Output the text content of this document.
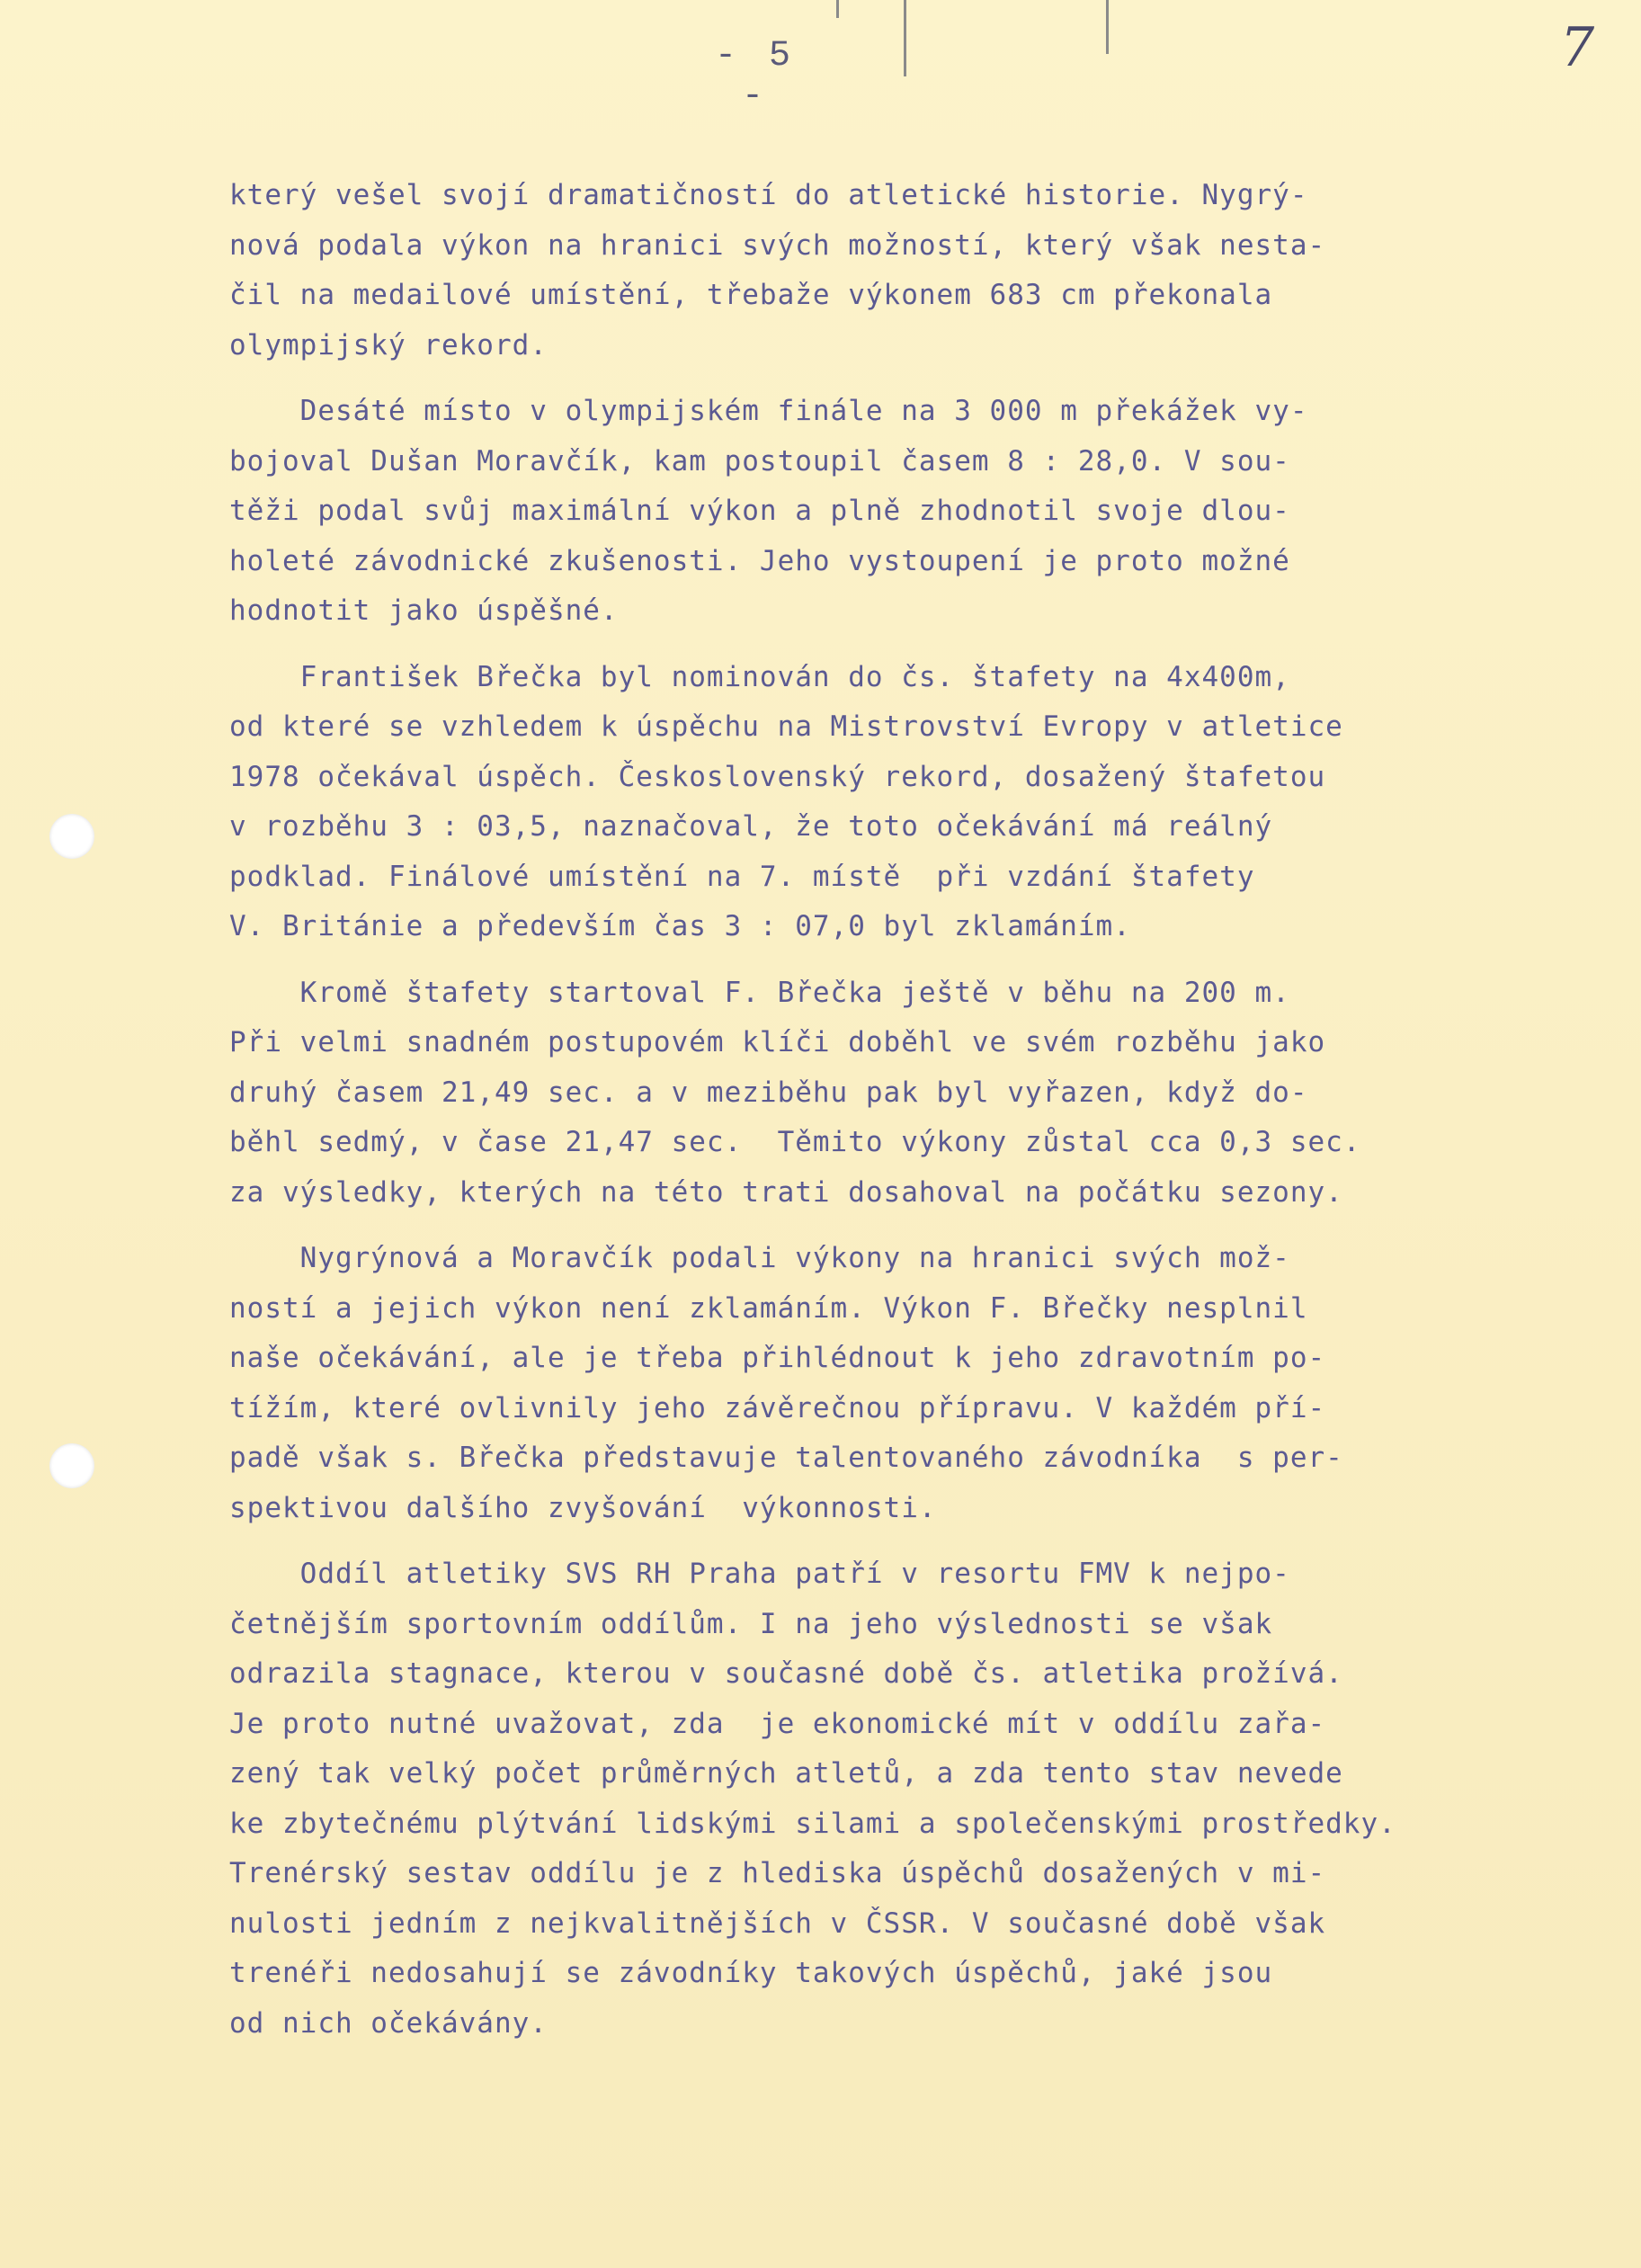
- 5 -
7
který vešel svojí dramatičností do atletické historie. Nygrý-
nová podala výkon na hranici svých možností, který však nesta-
čil na medailové umístění, třebaže výkonem 683 cm překonala
olympijský rekord.
Desáté místo v olympijském finále na 3 000 m překážek vy-
bojoval Dušan Moravčík, kam postoupil časem 8 : 28,0. V sou-
těži podal svůj maximální výkon a plně zhodnotil svoje dlou-
holeté závodnické zkušenosti. Jeho vystoupení je proto možné
hodnotit jako úspěšné.
František Břečka byl nominován do čs. štafety na 4x400m,
od které se vzhledem k úspěchu na Mistrovství Evropy v atletice
1978 očekával úspěch. Československý rekord, dosažený štafetou
v rozběhu 3 : 03,5, naznačoval, že toto očekávání má reálný
podklad. Finálové umístění na 7. místě  při vzdání štafety
V. Británie a především čas 3 : 07,0 byl zklamáním.
Kromě štafety startoval F. Břečka ještě v běhu na 200 m.
Při velmi snadném postupovém klíči doběhl ve svém rozběhu jako
druhý časem 21,49 sec. a v meziběhu pak byl vyřazen, když do-
běhl sedmý, v čase 21,47 sec.  Těmito výkony zůstal cca 0,3 sec.
za výsledky, kterých na této trati dosahoval na počátku sezony.
Nygrýnová a Moravčík podali výkony na hranici svých mož-
ností a jejich výkon není zklamáním. Výkon F. Břečky nesplnil
naše očekávání, ale je třeba přihlédnout k jeho zdravotním po-
tížím, které ovlivnily jeho závěrečnou přípravu. V každém pří-
padě však s. Břečka představuje talentovaného závodníka  s per-
spektivou dalšího zvyšování  výkonnosti.
Oddíl atletiky SVS RH Praha patří v resortu FMV k nejpo-
četnějším sportovním oddílům. I na jeho výslednosti se však
odrazila stagnace, kterou v současné době čs. atletika prožívá.
Je proto nutné uvažovat, zda  je ekonomické mít v oddílu zařa-
zený tak velký počet průměrných atletů, a zda tento stav nevede
ke zbytečnému plýtvání lidskými silami a společenskými prostředky.
Trenérský sestav oddílu je z hlediska úspěchů dosažených v mi-
nulosti jedním z nejkvalitnějších v ČSSR. V současné době však
trenéři nedosahují se závodníky takových úspěchů, jaké jsou
od nich očekávány.
